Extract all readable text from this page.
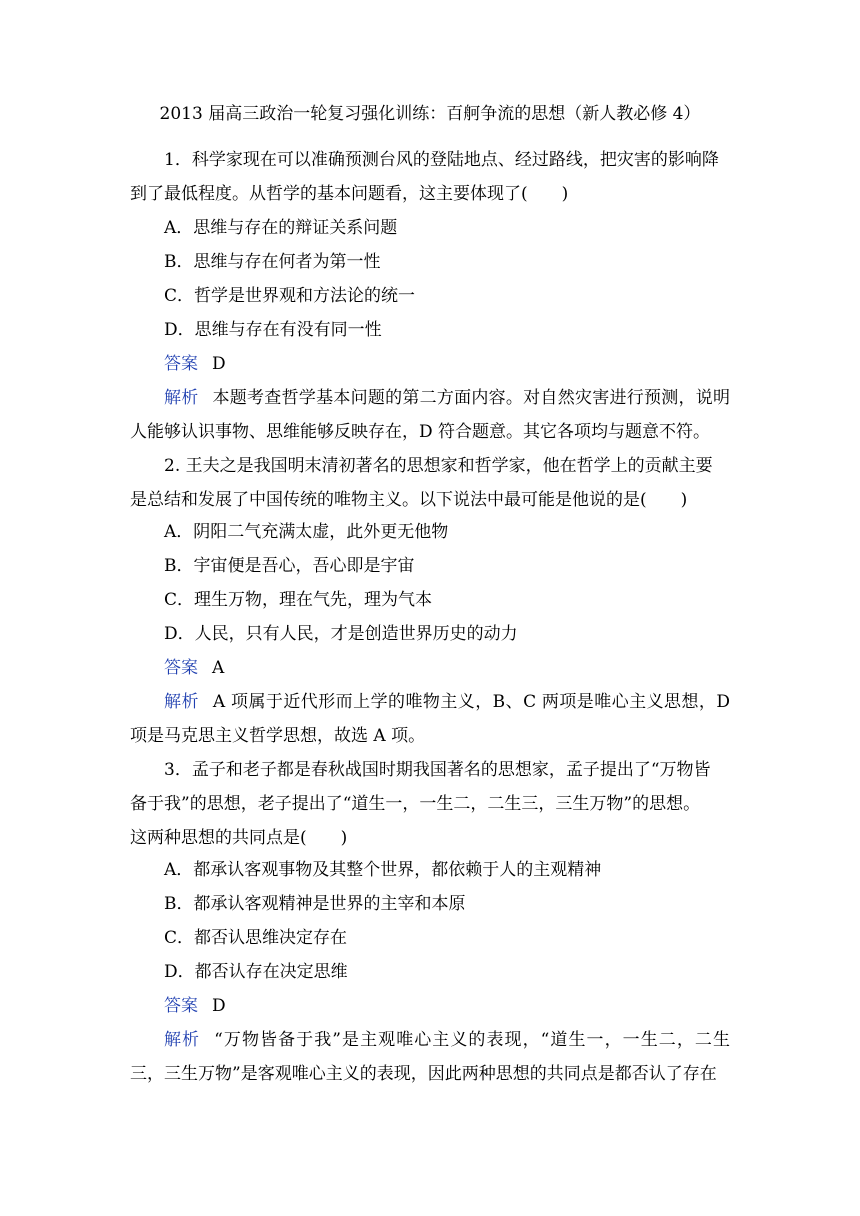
2013 届高三政治一轮复习强化训练：百舸争流的思想（新人教必修 4）
1．科学家现在可以准确预测台风的登陆地点、经过路线，把灾害的影响降
到了最低程度。从哲学的基本问题看，这主要体现了(　　)
A．思维与存在的辩证关系问题
B．思维与存在何者为第一性
C．哲学是世界观和方法论的统一
D．思维与存在有没有同一性
答案 D
解析 本题考查哲学基本问题的第二方面内容。对自然灾害进行预测，说明
人能够认识事物、思维能够反映存在，D 符合题意。其它各项均与题意不符。
2. 王夫之是我国明末清初著名的思想家和哲学家，他在哲学上的贡献主要
是总结和发展了中国传统的唯物主义。以下说法中最可能是他说的是(　　)
A．阴阳二气充满太虚，此外更无他物
B．宇宙便是吾心，吾心即是宇宙
C．理生万物，理在气先，理为气本
D．人民，只有人民，才是创造世界历史的动力
答案 A
解析 A 项属于近代形而上学的唯物主义，B、C 两项是唯心主义思想，D
项是马克思主义哲学思想，故选 A 项。
3．孟子和老子都是春秋战国时期我国著名的思想家，孟子提出了“万物皆
备于我”的思想，老子提出了“道生一，一生二，二生三，三生万物”的思想。
这两种思想的共同点是(　　)
A．都承认客观事物及其整个世界，都依赖于人的主观精神
B．都承认客观精神是世界的主宰和本原
C．都否认思维决定存在
D．都否认存在决定思维
答案 D
解析 “万物皆备于我”是主观唯心主义的表现，“道生一，一生二，二生
三，三生万物”是客观唯心主义的表现，因此两种思想的共同点是都否认了存在
